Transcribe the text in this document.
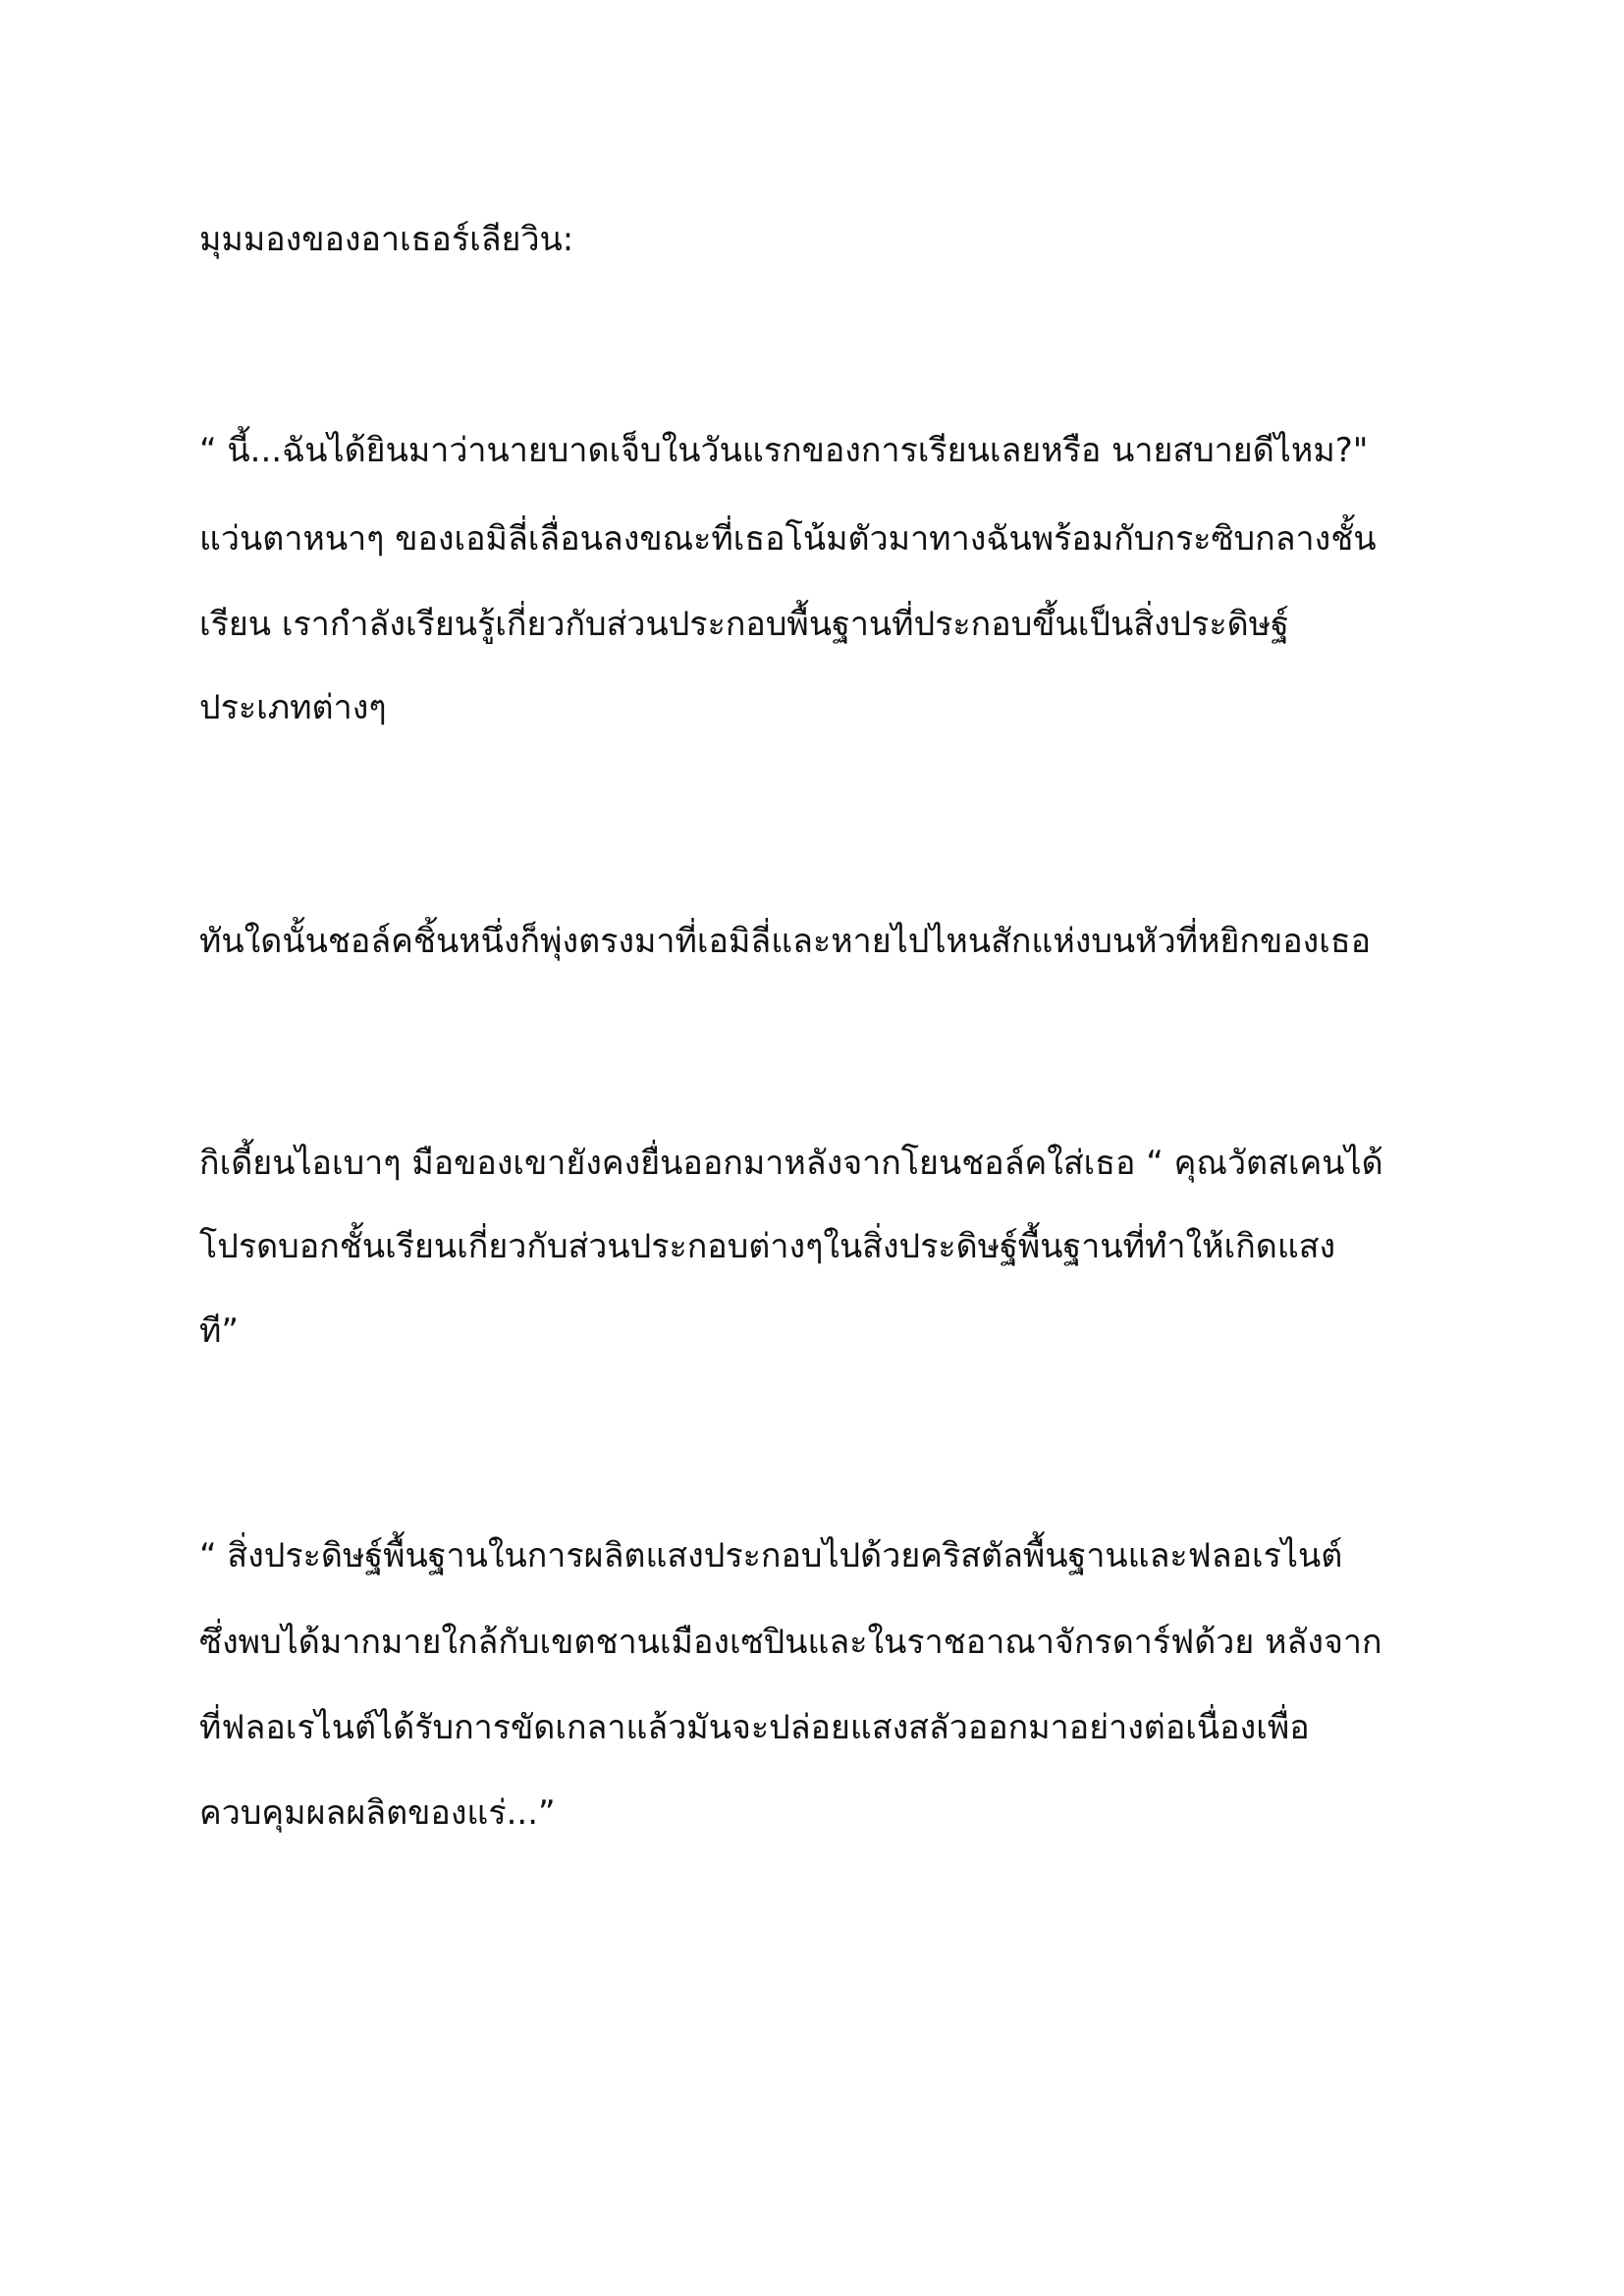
มุมมองของอาเธอร์เลียวิน:
“ นี้...ฉันได้ยินมาว่านายบาดเจ็บในวันแรกของการเรียนเลยหรือ นายสบายดีไหม?"
แว่นตาหนาๆ ของเอมิลี่เลื่อนลงขณะที่เธอโน้มตัวมาทางฉันพร้อมกับกระซิบกลางชั้น
เรียน เรากำลังเรียนรู้เกี่ยวกับส่วนประกอบพื้นฐานที่ประกอบขึ้นเป็นสิ่งประดิษฐ์
ประเภทต่างๆ
ทันใดนั้นชอล์คชิ้นหนึ่งก็พุ่งตรงมาที่เอมิลี่และหายไปไหนสักแห่งบนหัวที่หยิกของเธอ
กิเดี้ยนไอเบาๆ มือของเขายังคงยื่นออกมาหลังจากโยนชอล์คใส่เธอ “ คุณวัตสเคนได้
โปรดบอกชั้นเรียนเกี่ยวกับส่วนประกอบต่างๆในสิ่งประดิษฐ์พื้นฐานที่ทำให้เกิดแสง
ที”
“ สิ่งประดิษฐ์พื้นฐานในการผลิตแสงประกอบไปด้วยคริสตัลพื้นฐานและฟลอเรไนต์
ซึ่งพบได้มากมายใกล้กับเขตชานเมืองเซปินและในราชอาณาจักรดาร์ฟด้วย หลังจาก
ที่ฟลอเรไนต์ได้รับการขัดเกลาแล้วมันจะปล่อยแสงสลัวออกมาอย่างต่อเนื่องเพื่อ
ควบคุมผลผลิตของแร่...”
